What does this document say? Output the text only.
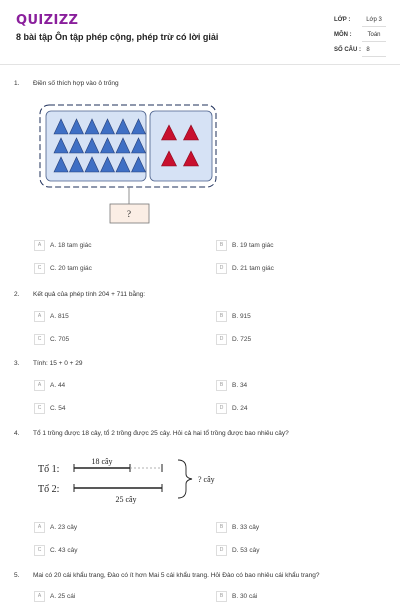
QUIZIZZ
8 bài tập Ôn tập phép cộng, phép trừ có lời giải
LỚP :	Lớp 3
MÔN :	Toán
SỐ CÂU : 8
1. Điền số thích hợp vào ô trống
?
A	A. 18 tam giác	B	B. 19 tam giác
C	C. 20 tam giác	D	D. 21 tam giác
2. Kết quả của phép tính 204 + 711 bằng:
A	A. 815	B	B. 915
C	C. 705	D	D. 725
3. Tính: 15 + 0 + 29
A	A. 44	B	B. 34
C	C. 54	D	D. 24
4. Tổ 1 trồng được 18 cây, tổ 2 trồng được 25 cây. Hỏi cả hai tổ trồng được bao nhiêu cây?
Tổ 1:
Tổ 2:
18 cây
25 cây
? cây
A	A. 23 cây	B	B. 33 cây
C	C. 43 cây	D	D. 53 cây
5. Mai có 20 cái khẩu trang, Đào có ít hơn Mai 5 cái khẩu trang. Hỏi Đào có bao nhiêu cái khẩu trang?
A	A. 25 cái	B	B. 30 cái
